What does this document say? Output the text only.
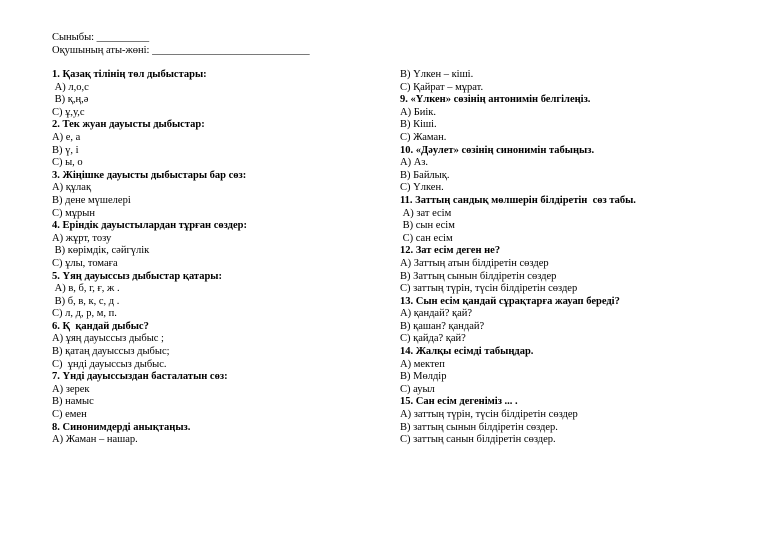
Сыныбы: __________
Оқушының аты-жөні: ______________________________
1. Қазақ тілінің төл дыбыстары:
А) л,о,с
В) қ,ң,ә
С) ұ,у,с
2. Тек жуан дауысты дыбыстар:
А) е, а
В) ү, і
С) ы, о
3. Жіңішке дауысты дыбыстары бар сөз:
А) құлақ
В) дене мүшелері
С) мұрын
4. Еріндік дауыстылардан тұрған сөздер:
А) жұрт, тозу
В) көрімдік, сәйгүлік
С) ұлы, томаға
5. Үяң дауыссыз дыбыстар қатары:
А) в, б, г, ғ, ж .
В) б, в, к, с, д .
С) л, д, р, м, п.
6. Қ  қандай дыбыс?
А) ұяң дауыссыз дыбыс ;
В) қатаң дауыссыз дыбыс;
С)  ұнді дауыссыз дыбыс.
7. Үнді дауыссыздан басталатын сөз:
А) зерек
В) намыс
С) емен
8. Синонимдерді анықтаңыз.
А) Жаман – нашар.
В) Үлкен – кіші.
С) Қайрат – мұрат.
9. «Үлкен» сөзінің антонимін белгілеңіз.
А) Биік.
В) Кіші.
С) Жаман.
10. «Дәулет» сөзінің синонимін табыңыз.
А) Аз.
В) Байлық.
С) Үлкен.
11. Заттың сандық мөлшерін білдіретін  сөз табы.
А) зат есім
В) сын есім
С) сан есім
12. Зат есім деген не?
А) Заттың атын білдіретін сөздер
В) Заттың сынын білдіретін сөздер
С) заттың түрін, түсін білдіретін сөздер
13. Сын есім қандай сұрақтарға жауап береді?
А) қандай? қай?
В) қашан? қандай?
С) қайда? қай?
14. Жалқы есімді табыңдар.
А) мектеп
В) Мөлдір
С) ауыл
15. Сан есім дегеніміз ... .
А) заттың түрін, түсін білдіретін сөздер
В) заттың сынын білдіретін сөздер.
С) заттың санын білдіретін сөздер.
